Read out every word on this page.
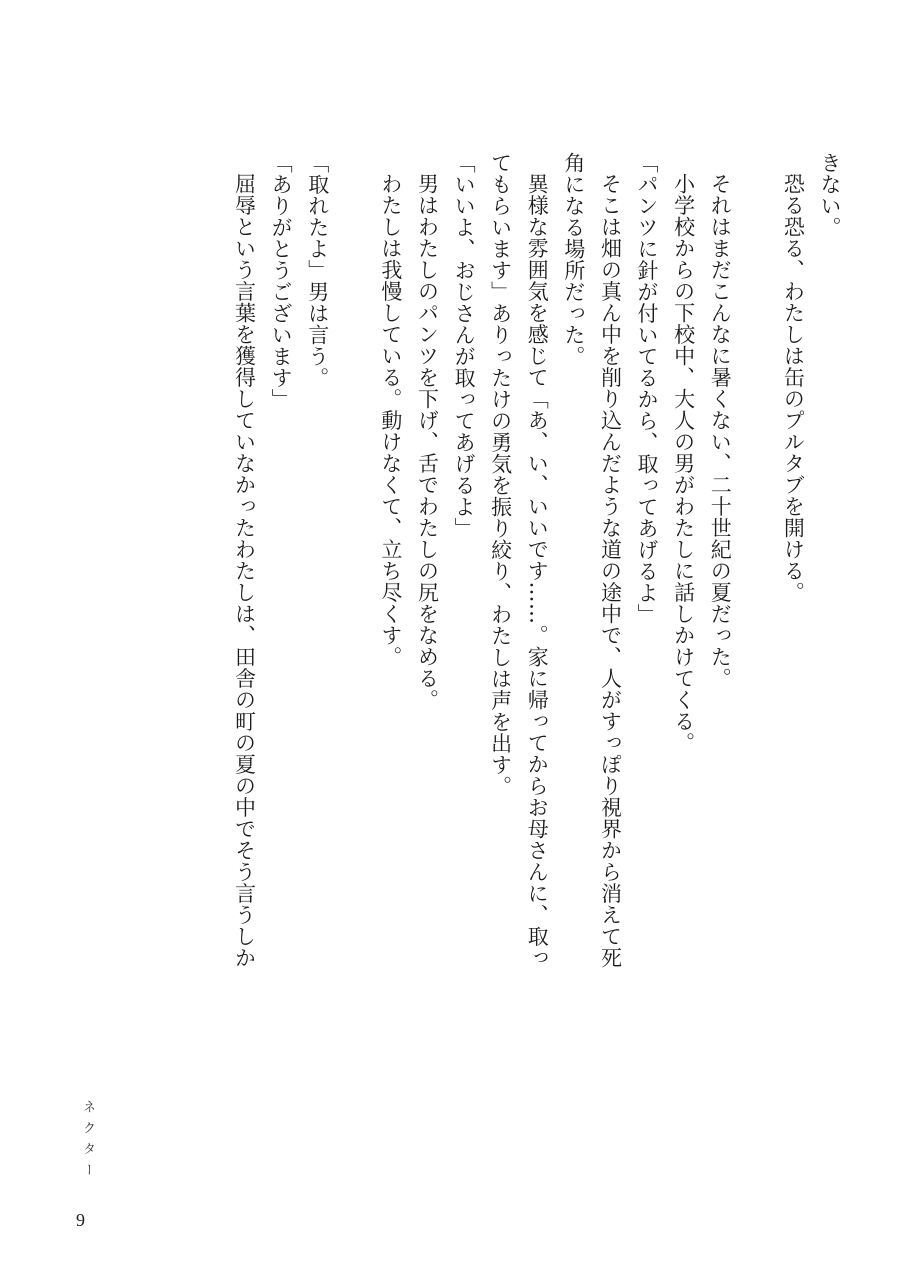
きない。

恐る恐る、わたしは缶のプルタブを開ける。

それはまだこんなに暑くない、二十世紀の夏だった。

小学校からの下校中、大人の男がわたしに話しかけてくる。

「パンツに針が付いてるから、取ってあげるよ」

そこは畑の真ん中を削り込んだような道の途中で、人がすっぽり視界から消えて死

角になる場所だった。

異様な雰囲気を感じて「あ、い、いいです……。家に帰ってからお母さんに、取っ

てもらいます」ありったけの勇気を振り絞り、わたしは声を出す。

「いいよ、おじさんが取ってあげるよ」

男はわたしのパンツを下げ、舌でわたしの尻をなめる。

わたしは我慢している。動けなくて、立ち尽くす。

「取れたよ」男は言う。

「ありがとうございます」

屈辱という言葉を獲得していなかったわたしは、田舎の町の夏の中でそう言うしか

ネクター
9
